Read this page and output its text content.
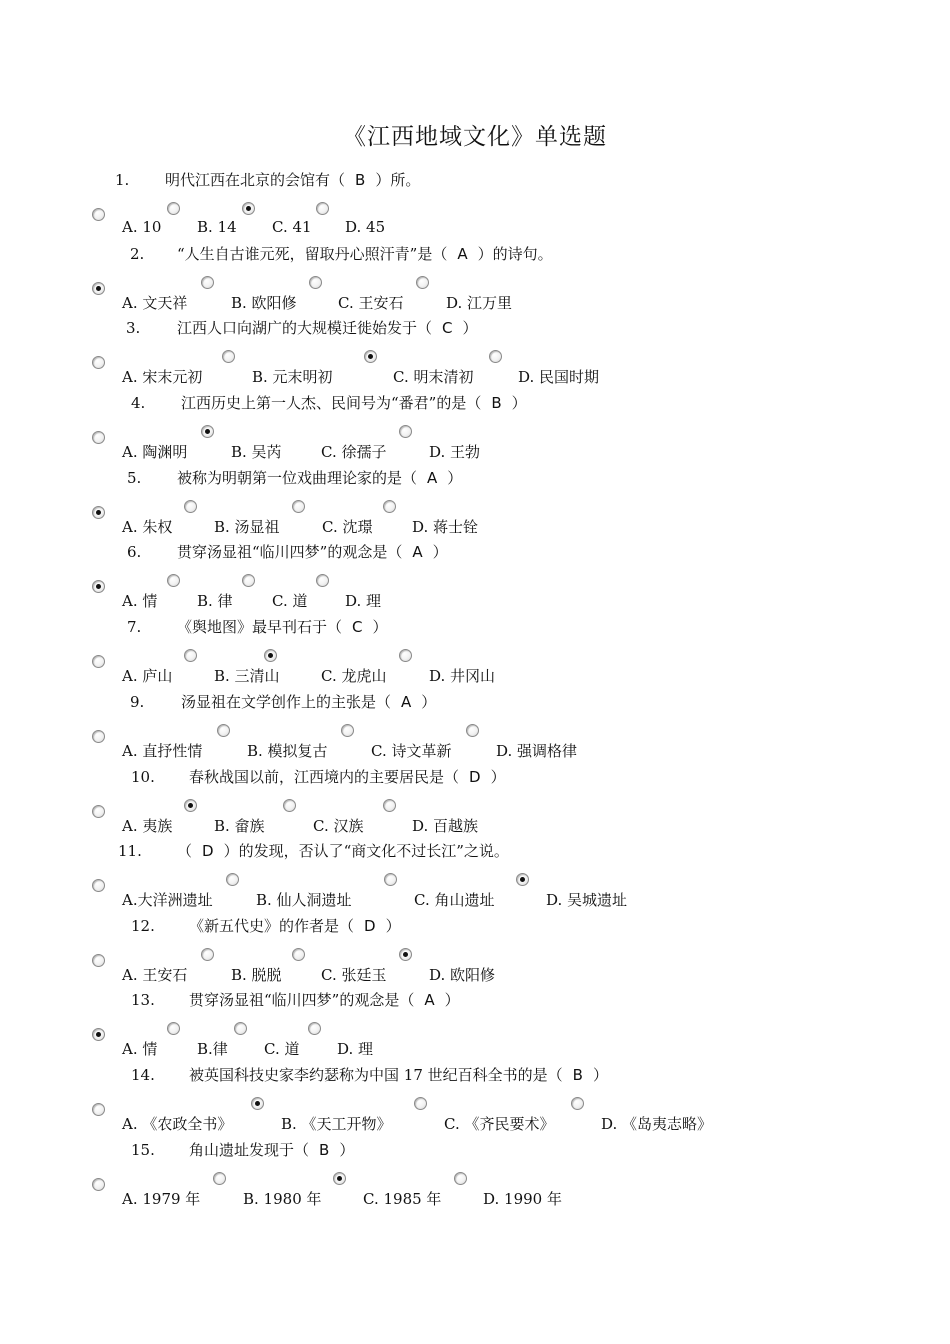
《江西地域文化》单选题
1. 明代江西在北京的会馆有（ B ）所。
A. 10 B. 14 C. 41 D. 45
2. “人生自古谁元死，留取丹心照汗青”是（ A ）的诗句。
A. 文天祥	B. 欧阳修	C. 王安石	D. 江万里
3. 江西人口向湖广的大规模迁徙始发于（ C ）
A. 宋末元初	B. 元末明初	C. 明末清初	D. 民国时期
4. 江西历史上第一人杰、民间号为“番君”的是（ B ）
A. 陶渊明	B. 吴芮	C. 徐孺子	D. 王勃
5. 被称为明朝第一位戏曲理论家的是（ A ）
A. 朱权	B. 汤显祖	C. 沈璟	D. 蒋士铨
6. 贯穿汤显祖“临川四梦”的观念是（ A ）
A. 情	B. 律	C. 道	D. 理
7. 《舆地图》最早刊石于（ C ）
A. 庐山	B. 三清山	C. 龙虎山	D. 井冈山
9. 汤显祖在文学创作上的主张是（ A ）
A. 直抒性情	B. 模拟复古	C. 诗文革新	D. 强调格律
10. 春秋战国以前，江西境内的主要居民是（ D ）
A. 夷族	B. 畲族	C. 汉族	D. 百越族
11. （ D ）的发现，否认了“商文化不过长江”之说。
A.大洋洲遗址	B. 仙人洞遗址	C. 角山遗址	D. 吴城遗址
12. 《新五代史》的作者是（ D ）
A. 王安石	B. 脱脱	C. 张廷玉	D. 欧阳修
13. 贯穿汤显祖“临川四梦”的观念是（ A ）
A. 情	B.律 C. 道	D. 理
14. 被英国科技史家李约瑟称为中国 17 世纪百科全书的是（ B ）
A. 《农政全书》	B. 《天工开物》	C. 《齐民要术》	D. 《岛夷志略》
15. 角山遗址发现于（ B ）
A. 1979 年	B. 1980 年	C. 1985 年	D. 1990 年
